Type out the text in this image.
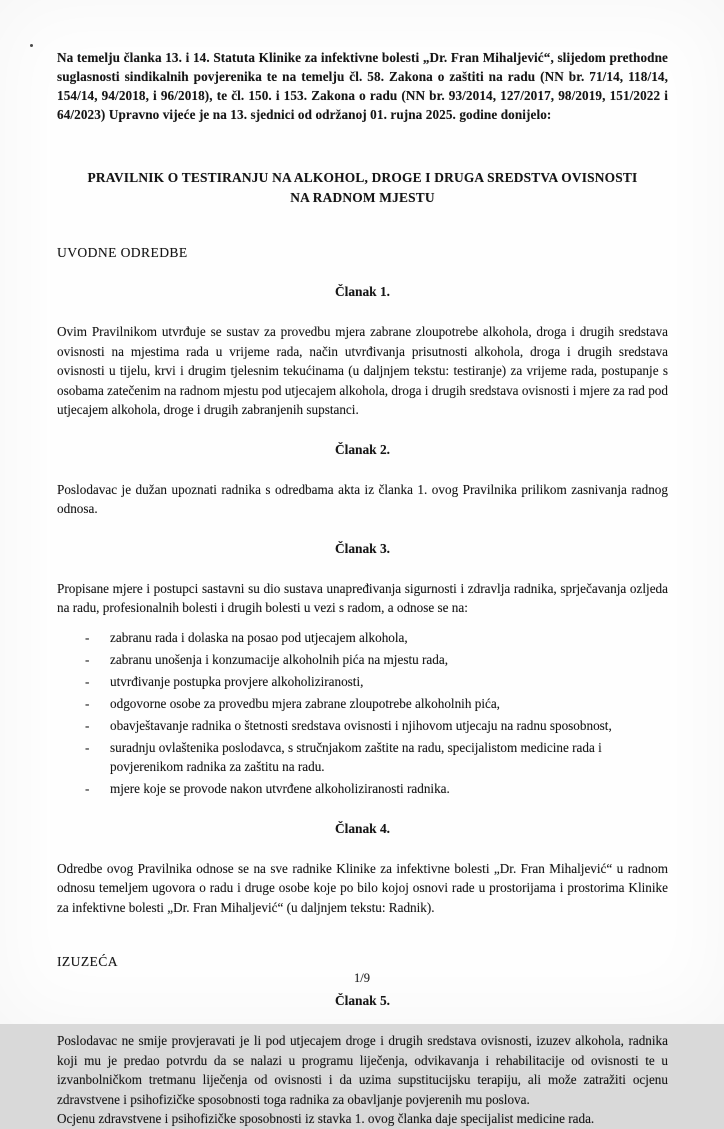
Na temelju članka 13. i 14. Statuta Klinike za infektivne bolesti „Dr. Fran Mihaljević“, slijedom prethodne suglasnosti sindikalnih povjerenika te na temelju čl. 58. Zakona o zaštiti na radu (NN br. 71/14, 118/14, 154/14, 94/2018, i 96/2018), te čl. 150. i 153. Zakona o radu (NN br. 93/2014, 127/2017, 98/2019, 151/2022 i 64/2023) Upravno vijeće je na 13. sjednici od održanoj 01. rujna 2025. godine donijelo:

PRAVILNIK O TESTIRANJU NA ALKOHOL, DROGE I DRUGA SREDSTVA OVISNOSTI NA RADNOM MJESTU
UVODNE ODREDBE
Članak 1.

Ovim Pravilnikom utvrđuje se sustav za provedbu mjera zabrane zloupotrebe alkohola, droga i drugih sredstava ovisnosti na mjestima rada u vrijeme rada, način utvrđivanja prisutnosti alkohola, droga i drugih sredstava ovisnosti u tijelu, krvi i drugim tjelesnim tekućinama (u daljnjem tekstu: testiranje) za vrijeme rada, postupanje s osobama zatečenim na radnom mjestu pod utjecajem alkohola, droga i drugih sredstava ovisnosti i mjere za rad pod utjecajem alkohola, droge i drugih zabranjenih supstanci.

Članak 2.

Poslodavac je dužan upoznati radnika s odredbama akta iz članka 1. ovog Pravilnika prilikom zasnivanja radnog odnosa.

Članak 3.

Propisane mjere i postupci sastavni su dio sustava unapređivanja sigurnosti i zdravlja radnika, sprječavanja ozljeda na radu, profesionalnih bolesti i drugih bolesti u vezi s radom, a odnose se na:

- zabranu rada i dolaska na posao pod utjecajem alkohola,
- zabranu unošenja i konzumacije alkoholnih pića na mjestu rada,
- utvrđivanje postupka provjere alkoholiziranosti,
- odgovorne osobe za provedbu mjera zabrane zloupotrebe alkoholnih pića,
- obavještavanje radnika o štetnosti sredstava ovisnosti i njihovom utjecaju na radnu sposobnost,
- suradnju ovlaštenika poslodavca, s stručnjakom zaštite na radu, specijalistom medicine rada i povjerenikom radnika za zaštitu na radu.
- mjere koje se provode nakon utvrđene alkoholiziranosti radnika.
Članak 4.

Odredbe ovog Pravilnika odnose se na sve radnike Klinike za infektivne bolesti „Dr. Fran Mihaljević“ u radnom odnosu temeljem ugovora o radu i druge osobe koje po bilo kojoj osnovi rade u prostorijama i prostorima Klinike za infektivne bolesti „Dr. Fran Mihaljević“ (u daljnjem tekstu: Radnik).

IZUZEĆA
Članak 5.

Poslodavac ne smije provjeravati je li pod utjecajem droge i drugih sredstava ovisnosti, izuzev alkohola, radnika koji mu je predao potvrdu da se nalazi u programu liječenja, odvikavanja i rehabilitacije od ovisnosti te u izvanbolničkom tretmanu liječenja od ovisnosti i da uzima supstitucijsku terapiju, ali može zatražiti ocjenu zdravstvene i psihofizičke sposobnosti toga radnika za obavljanje povjerenih mu poslova.

Ocjenu zdravstvene i psihofizičke sposobnosti iz stavka 1. ovog članka daje specijalist medicine rada.

1/9
